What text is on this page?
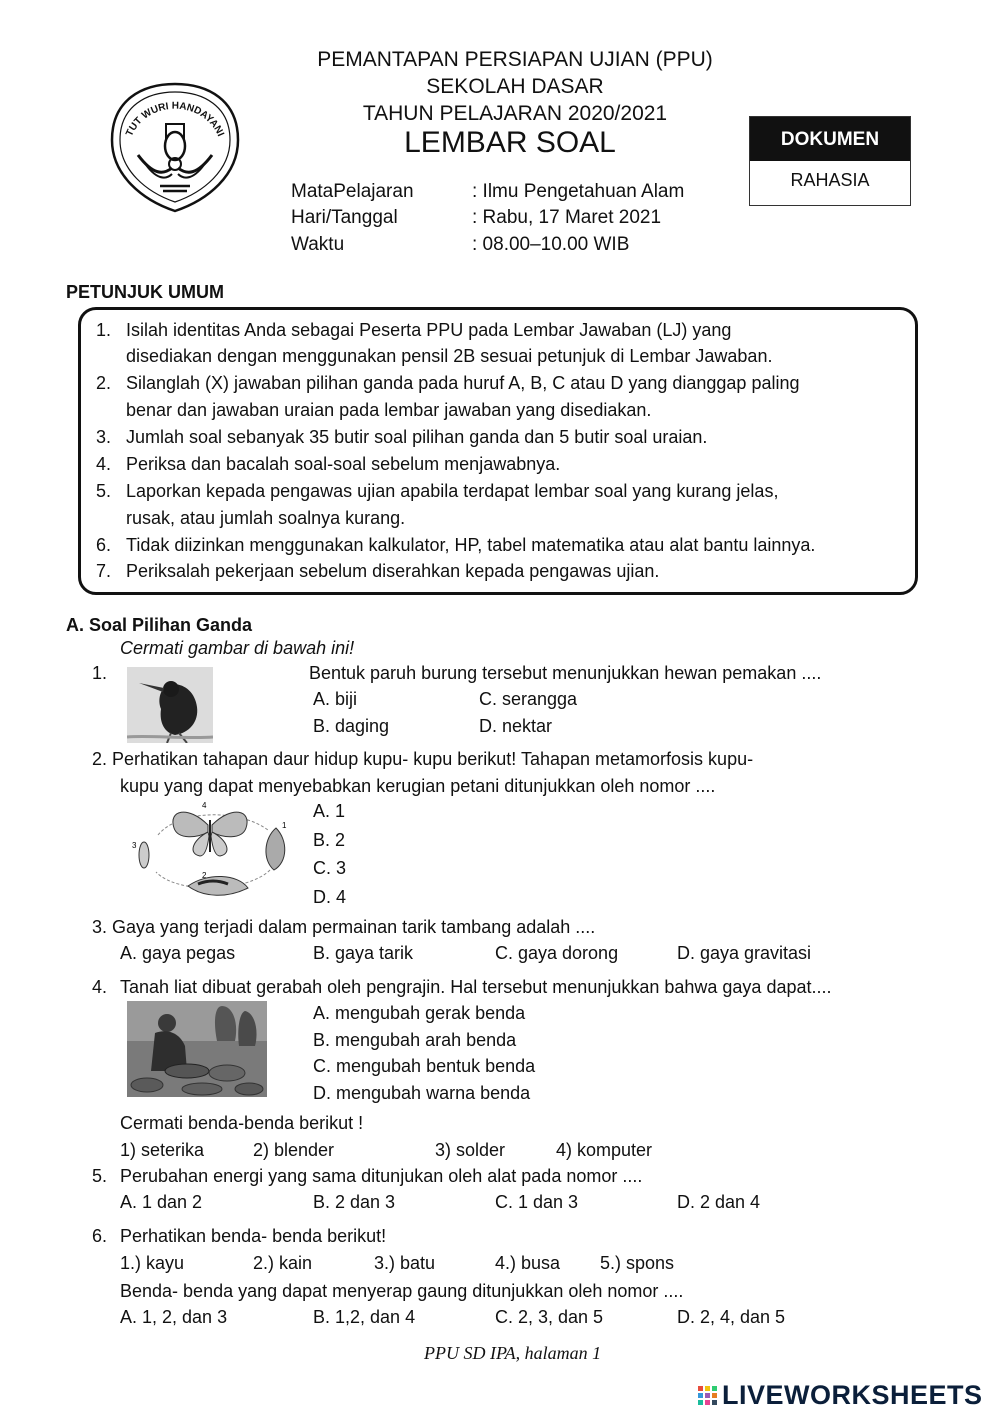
TUT WURI HANDAYANI
PEMANTAPAN PERSIAPAN UJIAN (PPU)
SEKOLAH DASAR
TAHUN PELAJARAN 2020/2021
LEMBAR SOAL	DOKUMEN
RAHASIA
MataPelajaran	: Ilmu Pengetahuan Alam
Hari/Tanggal	: Rabu, 17 Maret 2021
Waktu	: 08.00–10.00 WIB
PETUNJUK UMUM
1. Isilah identitas Anda sebagai Peserta PPU pada Lembar Jawaban (LJ) yang
disediakan dengan menggunakan pensil 2B sesuai petunjuk di Lembar Jawaban.
2. Silanglah (X) jawaban pilihan ganda pada huruf A, B, C atau D yang dianggap paling
benar dan jawaban uraian pada lembar jawaban yang disediakan.
3. Jumlah soal sebanyak 35 butir soal pilihan ganda dan 5 butir soal uraian.
4. Periksa dan bacalah soal-soal sebelum menjawabnya.
5. Laporkan kepada pengawas ujian apabila terdapat lembar soal yang kurang jelas,
rusak, atau jumlah soalnya kurang.
6. Tidak diizinkan menggunakan kalkulator, HP, tabel matematika atau alat bantu lainnya.
7. Periksalah pekerjaan sebelum diserahkan kepada pengawas ujian.
A. Soal Pilihan Ganda
Cermati gambar di bawah ini!
1.	Bentuk paruh burung tersebut menunjukkan hewan pemakan ....
A. biji	C. serangga
B. daging	D. nektar
2. Perhatikan tahapan daur hidup kupu- kupu berikut! Tahapan metamorfosis kupu-
kupu yang dapat menyebabkan kerugian petani ditunjukkan oleh nomor ....
1
2
3
4	A. 1
B. 2
C. 3
D. 4
3. Gaya yang terjadi dalam permainan tarik tambang adalah ....
A. gaya pegas	B. gaya tarik	C. gaya dorong	D. gaya gravitasi
4. Tanah liat dibuat gerabah oleh pengrajin. Hal tersebut menunjukkan bahwa gaya dapat....
A. mengubah gerak benda
B. mengubah arah benda
C. mengubah bentuk benda
D. mengubah warna benda
Cermati benda-benda berikut !
1) seterika	2) blender	3) solder	4) komputer
5. Perubahan energi yang sama ditunjukan oleh alat pada nomor ....
A. 1 dan 2	B. 2 dan 3	C. 1 dan 3	D. 2 dan 4
6. Perhatikan benda- benda berikut!
1.) kayu	2.) kain	3.) batu	4.) busa 5.) spons
Benda- benda yang dapat menyerap gaung ditunjukkan oleh nomor ....
A. 1, 2, dan 3	B. 1,2, dan 4	C. 2, 3, dan 5	D. 2, 4, dan 5
PPU SD IPA, halaman 1

LIVEWORKSHEETS
